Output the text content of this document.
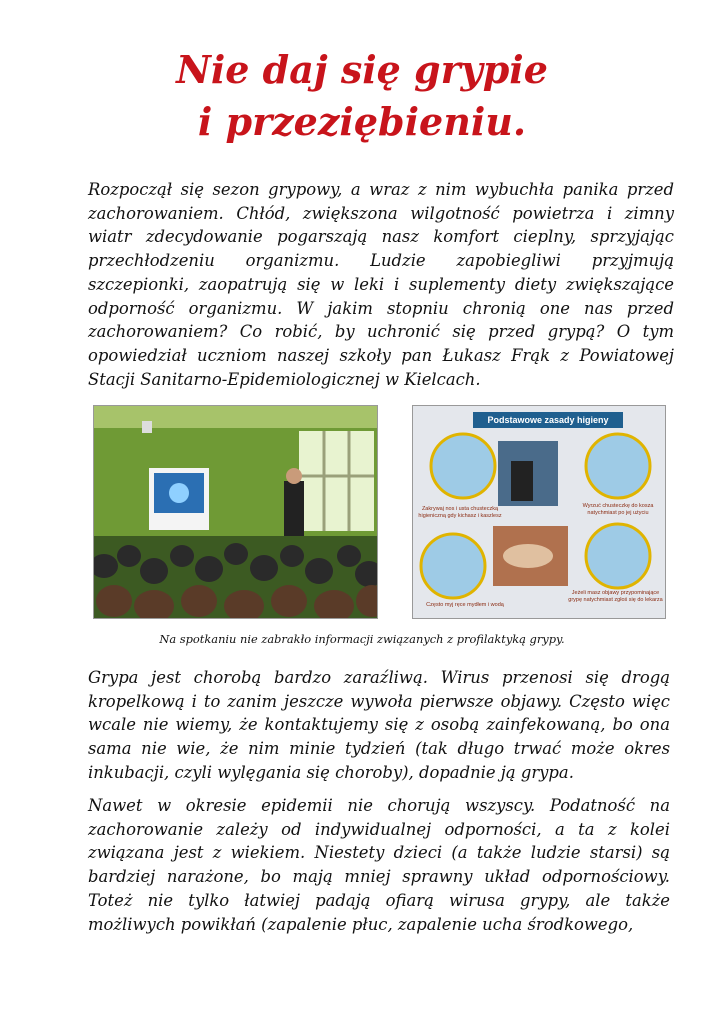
Nie daj się grypie
i przeziębieniu.

Rozpoczął się sezon grypowy, a wraz z nim wybuchła panika przed zachorowaniem. Chłód, zwiększona wilgotność powietrza i zimny wiatr zdecydowanie pogarszają nasz komfort cieplny, sprzyjając przechłodzeniu organizmu. Ludzie zapobiegliwi przyjmują szczepionki, zaopatrują się w leki i suplementy diety zwiększające odporność organizmu. W jakim stopniu chronią one nas przed zachorowaniem? Co robić, by uchronić się przed grypą? O tym opowiedział uczniom naszej szkoły pan Łukasz Frąk z Powiatowej Stacji Sanitarno-Epidemiologicznej w Kielcach.

Podstawowe zasady higieny
Zakrywaj nos i usta chusteczką higieniczną gdy kichasz i kaszlesz
Wyrzuć chusteczkę do kosza natychmiast po jej użyciu
Często myj ręce mydłem i wodą
Jeżeli masz objawy przypominające grypę natychmiast zgłoś się do lekarza

Na spotkaniu nie zabrakło informacji związanych z profilaktyką grypy.

Grypa jest chorobą bardzo zaraźliwą. Wirus przenosi się drogą kropelkową i to zanim jeszcze wywoła pierwsze objawy. Często więc wcale nie wiemy, że kontaktujemy się z osobą zainfekowaną, bo ona sama nie wie, że nim minie tydzień (tak długo trwać może okres inkubacji, czyli wylęgania się choroby), dopadnie ją grypa.

Nawet w okresie epidemii nie chorują wszyscy. Podatność na zachorowanie zależy od indywidualnej odporności, a ta z kolei związana jest z wiekiem. Niestety dzieci (a także ludzie starsi) są bardziej narażone, bo mają mniej sprawny układ odpornościowy. Toteż nie tylko łatwiej padają ofiarą wirusa grypy, ale także możliwych powikłań (zapalenie płuc, zapalenie ucha środkowego,
